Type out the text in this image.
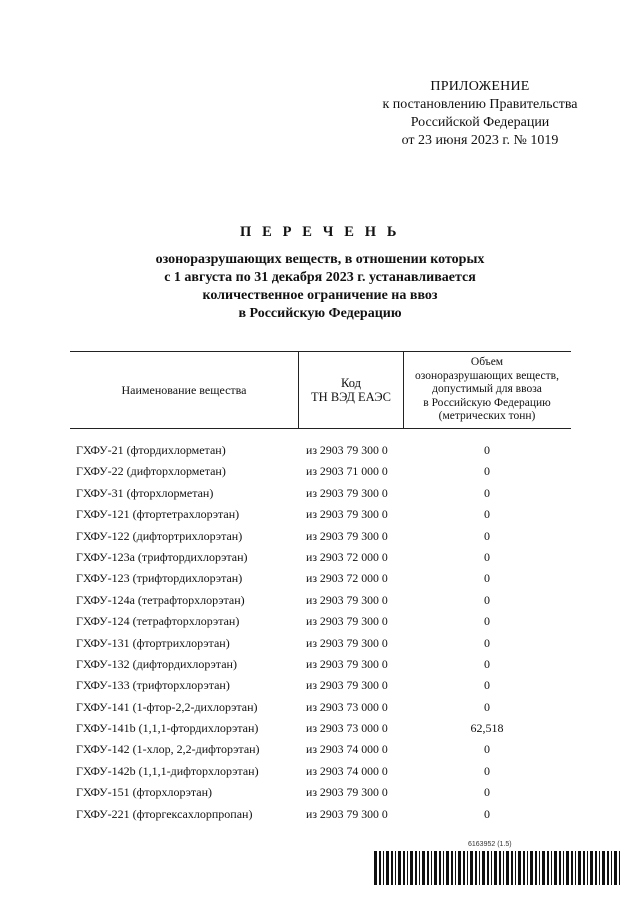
ПРИЛОЖЕНИЕ
к постановлению Правительства
Российской Федерации
от 23 июня 2023 г. № 1019
П Е Р Е Ч Е Н Ь
озоноразрушающих веществ, в отношении которых
с 1 августа по 31 декабря 2023 г. устанавливается
количественное ограничение на ввоз
в Российскую Федерацию
Наименование вещества	Код
ТН ВЭД ЕАЭС
Объем
озоноразрушающих веществ,
допустимый для ввоза
в Российскую Федерацию
(метрических тонн)
ГХФУ-21 (фтордихлорметан)	из 2903 79 300 0	0
ГХФУ-22 (дифторхлорметан)	из 2903 71 000 0	0
ГХФУ-31 (фторхлорметан)	из 2903 79 300 0	0
ГХФУ-121 (фтортетрахлорэтан)	из 2903 79 300 0	0
ГХФУ-122 (дифтортрихлорэтан)	из 2903 79 300 0	0
ГХФУ-123а (трифтордихлорэтан)	из 2903 72 000 0	0
ГХФУ-123 (трифтордихлорэтан)	из 2903 72 000 0	0
ГХФУ-124а (тетрафторхлорэтан)	из 2903 79 300 0	0
ГХФУ-124 (тетрафторхлорэтан)	из 2903 79 300 0	0
ГХФУ-131 (фтортрихлорэтан)	из 2903 79 300 0	0
ГХФУ-132 (дифтордихлорэтан)	из 2903 79 300 0	0
ГХФУ-133 (трифторхлорэтан)	из 2903 79 300 0	0
ГХФУ-141 (1-фтор-2,2-дихлорэтан)	из 2903 73 000 0	0
ГХФУ-141b (1,1,1-фтордихлорэтан)	из 2903 73 000 0	62,518
ГХФУ-142 (1-хлор, 2,2-дифторэтан)	из 2903 74 000 0	0
ГХФУ-142b (1,1,1-дифторхлорэтан)	из 2903 74 000 0	0
ГХФУ-151 (фторхлорэтан)	из 2903 79 300 0	0
ГХФУ-221 (фторгексахлорпропан)	из 2903 79 300 0	0
6163952 (1.5)
